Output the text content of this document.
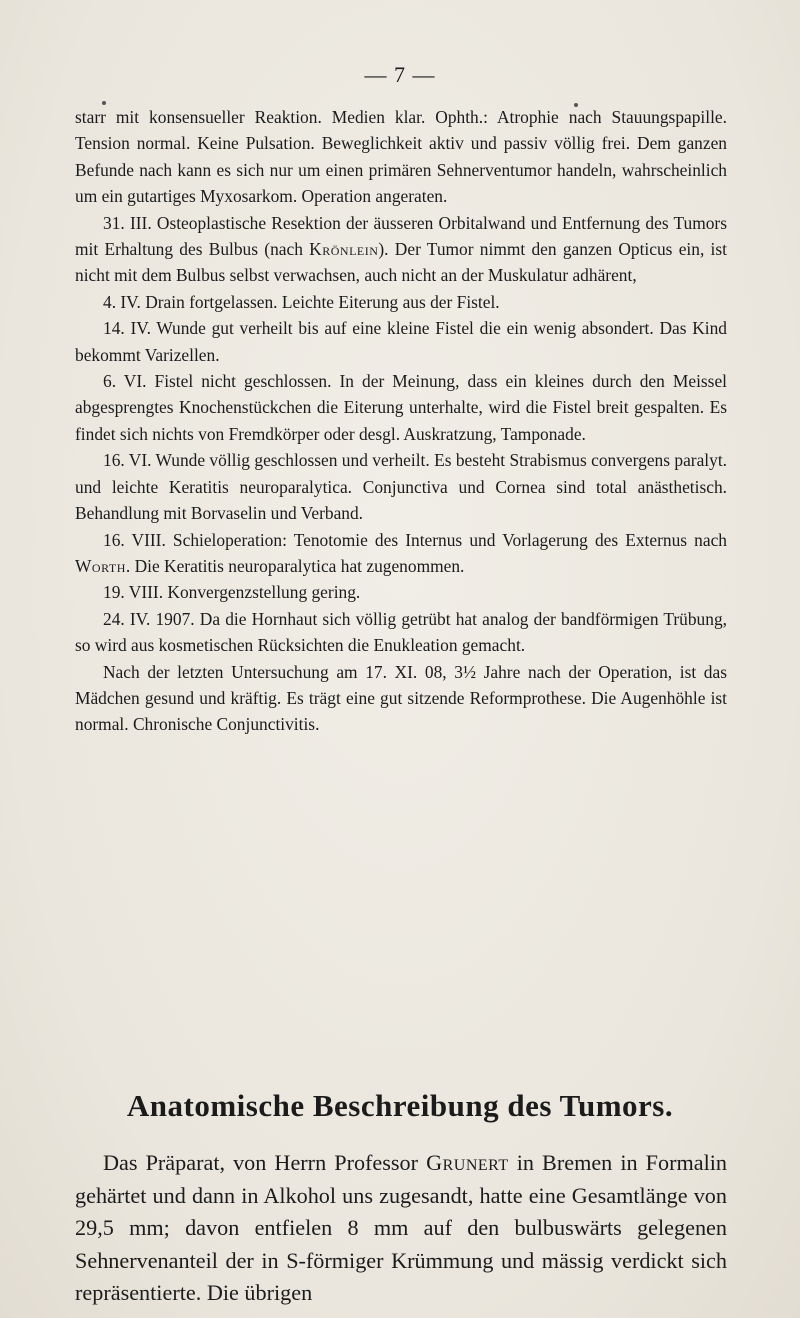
— 7 —

starr mit konsensueller Reaktion. Medien klar. Ophth.: Atrophie nach Stauungspapille. Tension normal. Keine Pulsation. Beweglichkeit aktiv und passiv völlig frei. Dem ganzen Befunde nach kann es sich nur um einen primären Sehnerventumor handeln, wahrscheinlich um ein gutartiges Myxosarkom. Operation angeraten.

31. III. Osteoplastische Resektion der äusseren Orbitalwand und Entfernung des Tumors mit Erhaltung des Bulbus (nach Krönlein). Der Tumor nimmt den ganzen Opticus ein, ist nicht mit dem Bulbus selbst verwachsen, auch nicht an der Muskulatur adhärent,

4. IV. Drain fortgelassen. Leichte Eiterung aus der Fistel.

14. IV. Wunde gut verheilt bis auf eine kleine Fistel die ein wenig absondert. Das Kind bekommt Varizellen.

6. VI. Fistel nicht geschlossen. In der Meinung, dass ein kleines durch den Meissel abgesprengtes Knochenstückchen die Eiterung unterhalte, wird die Fistel breit gespalten. Es findet sich nichts von Fremdkörper oder desgl. Auskratzung, Tamponade.

16. VI. Wunde völlig geschlossen und verheilt. Es besteht Strabismus convergens paralyt. und leichte Keratitis neuroparalytica. Conjunctiva und Cornea sind total anästhetisch. Behandlung mit Borvaselin und Verband.

16. VIII. Schieloperation: Tenotomie des Internus und Vorlagerung des Externus nach Worth. Die Keratitis neuroparalytica hat zugenommen.

19. VIII. Konvergenzstellung gering.

24. IV. 1907. Da die Hornhaut sich völlig getrübt hat analog der bandförmigen Trübung, so wird aus kosmetischen Rücksichten die Enukleation gemacht.

Nach der letzten Untersuchung am 17. XI. 08, 3½ Jahre nach der Operation, ist das Mädchen gesund und kräftig. Es trägt eine gut sitzende Reformprothese. Die Augenhöhle ist normal. Chronische Conjunctivitis.

Anatomische Beschreibung des Tumors.

Das Präparat, von Herrn Professor Grunert in Bremen in Formalin gehärtet und dann in Alkohol uns zugesandt, hatte eine Gesamtlänge von 29,5 mm; davon entfielen 8 mm auf den bulbuswärts gelegenen Sehnervenanteil der in S-förmiger Krümmung und mässig verdickt sich repräsentierte. Die übrigen
